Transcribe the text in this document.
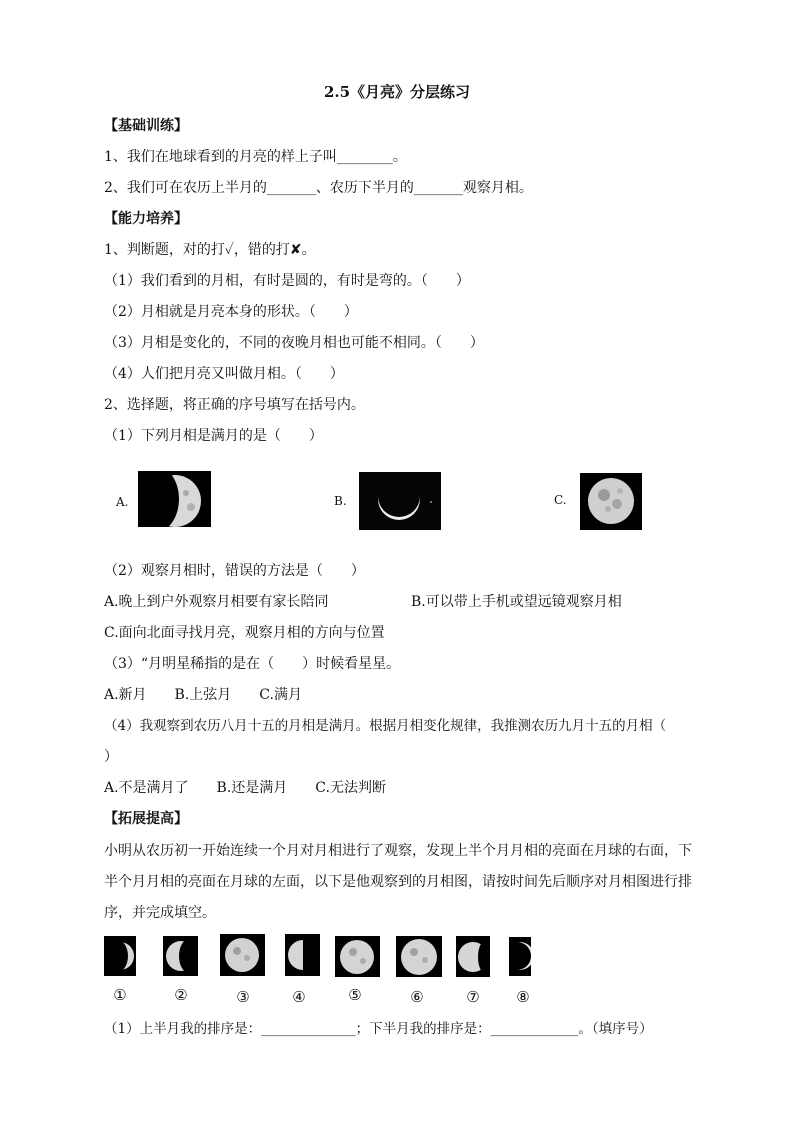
2.5《月亮》分层练习
【基础训练】
1、我们在地球看到的月亮的样上子叫________。
2、我们可在农历上半月的_______、农历下半月的_______观察月相。
【能力培养】
1、判断题，对的打✓，错的打✘。
（1）我们看到的月相，有时是圆的，有时是弯的。（　　）
（2）月相就是月亮本身的形状。（　　）
（3）月相是变化的，不同的夜晚月相也可能不相同。（　　）
（4）人们把月亮又叫做月相。（　　）
2、选择题，将正确的序号填写在括号内。
（1）下列月相是满月的是（　　）
A.	B.	C.
（2）观察月相时，错误的方法是（　　）
A.晚上到户外观察月相要有家长陪同	B.可以带上手机或望远镜观察月相
C.面向北面寻找月亮，观察月相的方向与位置
（3）“月明星稀指的是在（　　）时候看星星。
A.新月　　B.上弦月　　C.满月
（4）我观察到农历八月十五的月相是满月。根据月相变化规律，我推测农历九月十五的月相（
）
A.不是满月了　　B.还是满月　　C.无法判断
【拓展提高】
小明从农历初一开始连续一个月对月相进行了观察，发现上半个月月相的亮面在月球的右面，下半个月月相的亮面在月球的左面，以下是他观察到的月相图，请按时间先后顺序对月相图进行排序，并完成填空。
①	②	③	④	⑤	⑥	⑦	⑧
（1）上半月我的排序是：______________；下半月我的排序是：_____________。（填序号）
